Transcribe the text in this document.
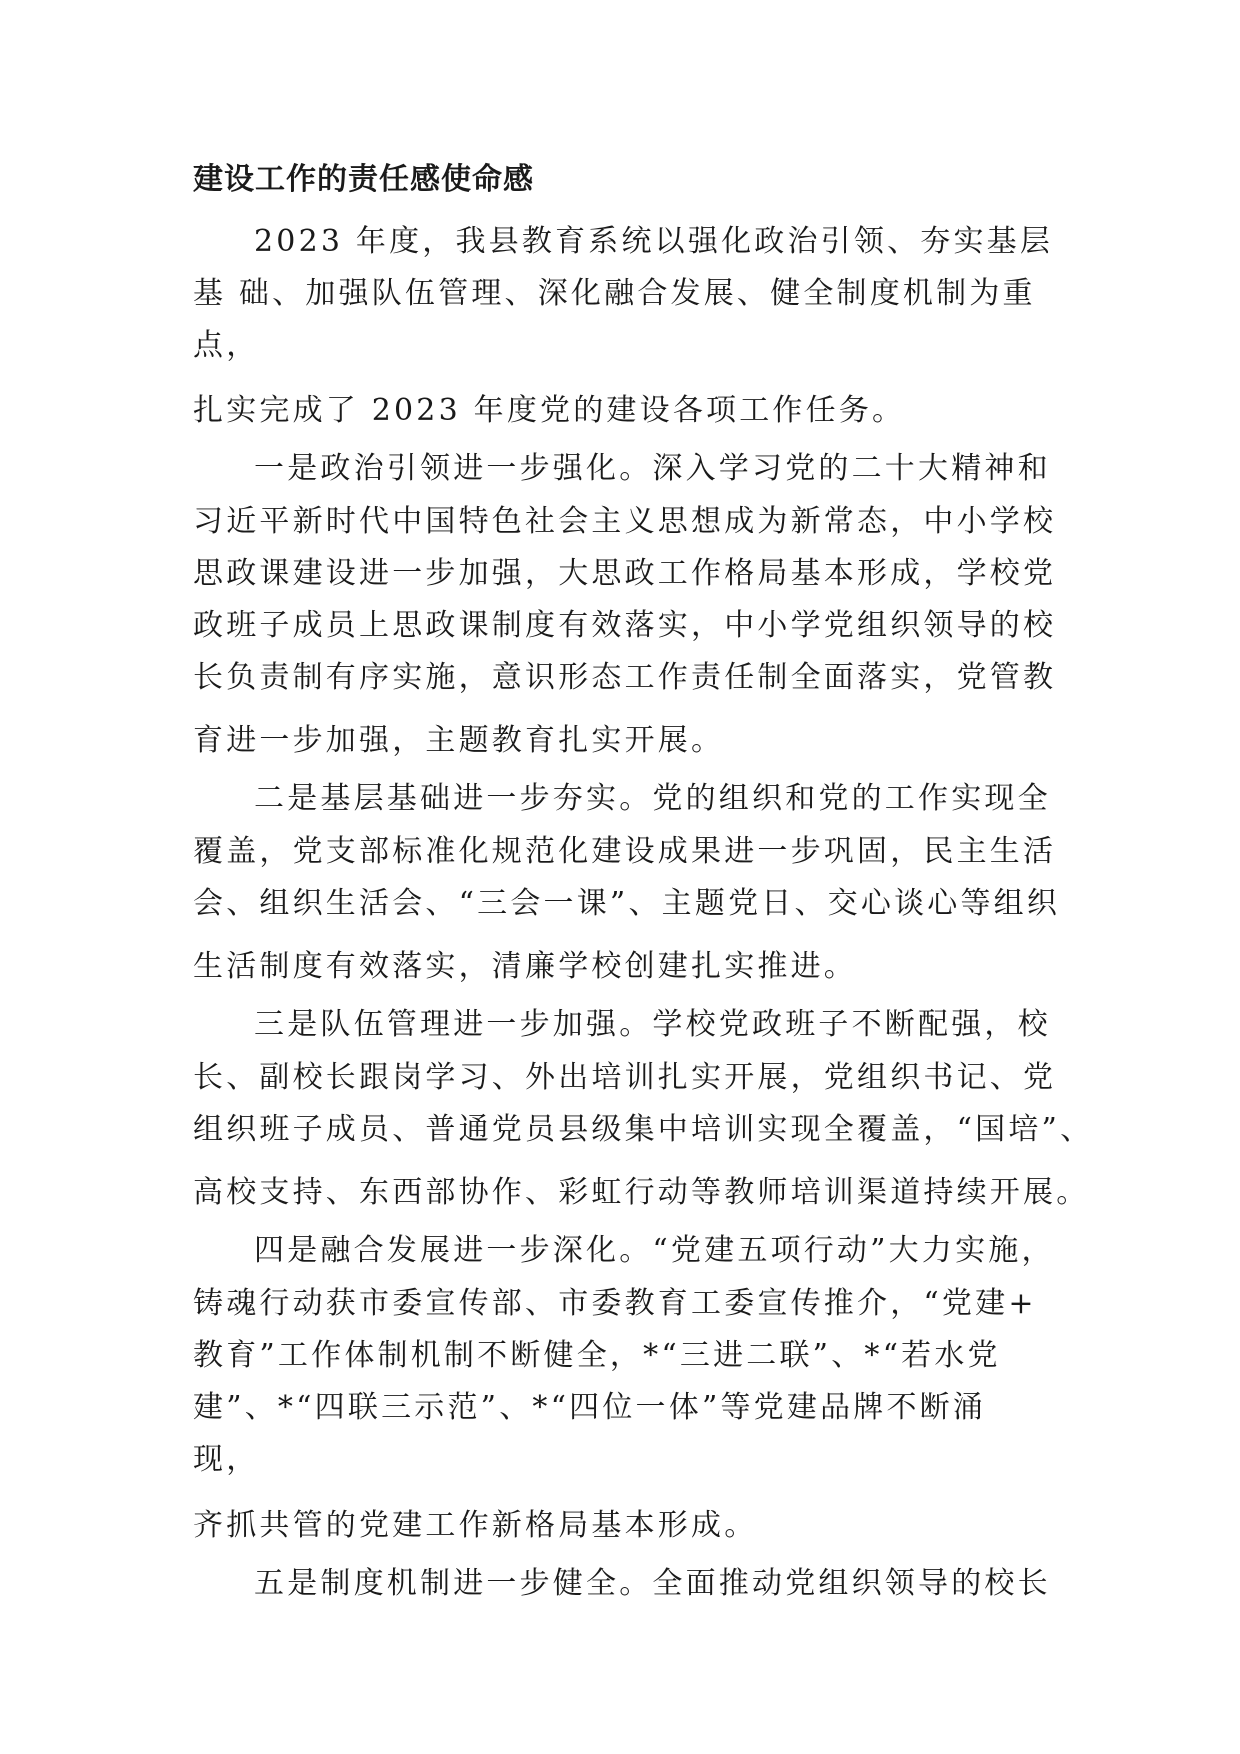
建设工作的责任感使命感
2023 年度，我县教育系统以强化政治引领、夯实基层
基 础、加强队伍管理、深化融合发展、健全制度机制为重
点，
扎实完成了 2023 年度党的建设各项工作任务。
一是政治引领进一步强化。深入学习党的二十大精神和
习近平新时代中国特色社会主义思想成为新常态，中小学校
思政课建设进一步加强，大思政工作格局基本形成，学校党
政班子成员上思政课制度有效落实，中小学党组织领导的校
长负责制有序实施，意识形态工作责任制全面落实，党管教
育进一步加强，主题教育扎实开展。
二是基层基础进一步夯实。党的组织和党的工作实现全
覆盖，党支部标准化规范化建设成果进一步巩固，民主生活
会、组织生活会、“三会一课”、主题党日、交心谈心等组织
生活制度有效落实，清廉学校创建扎实推进。
三是队伍管理进一步加强。学校党政班子不断配强，校
长、副校长跟岗学习、外出培训扎实开展，党组织书记、党
组织班子成员、普通党员县级集中培训实现全覆盖，“国培”、
高校支持、东西部协作、彩虹行动等教师培训渠道持续开展。
四是融合发展进一步深化。“党建五项行动”大力实施，
铸魂行动获市委宣传部、市委教育工委宣传推介，“党建+
教育”工作体制机制不断健全，*“三进二联”、*“若水党
建”、*“四联三示范”、*“四位一体”等党建品牌不断涌
现，
齐抓共管的党建工作新格局基本形成。
五是制度机制进一步健全。全面推动党组织领导的校长
